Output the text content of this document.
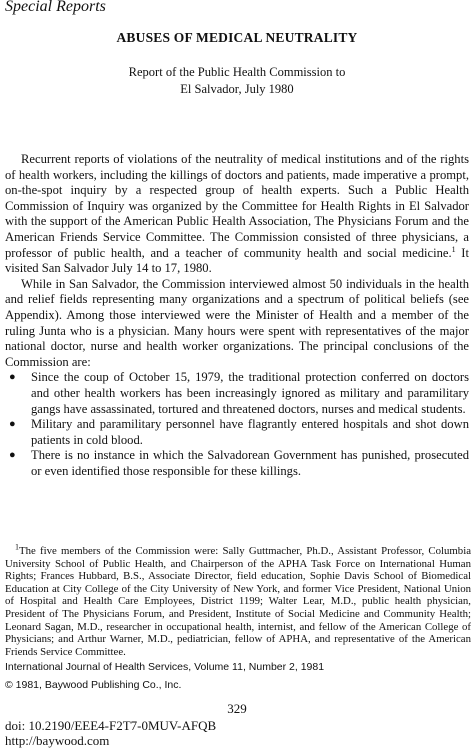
Special Reports
ABUSES OF MEDICAL NEUTRALITY
Report of the Public Health Commission to
El Salvador, July 1980

Recurrent reports of violations of the neutrality of medical institutions and of the rights of health workers, including the killings of doctors and patients, made imperative a prompt, on-the-spot inquiry by a respected group of health experts. Such a Public Health Commission of Inquiry was organized by the Committee for Health Rights in El Salvador with the support of the American Public Health Association, The Physicians Forum and the American Friends Service Committee. The Commission consisted of three physicians, a professor of public health, and a teacher of community health and social medicine.$^1$ It visited San Salvador July 14 to 17, 1980.

While in San Salvador, the Commission interviewed almost 50 individuals in the health and relief fields representing many organizations and a spectrum of political beliefs (see Appendix). Among those interviewed were the Minister of Health and a member of the ruling Junta who is a physician. Many hours were spent with representatives of the major national doctor, nurse and health worker organizations. The principal conclusions of the Commission are:

● Since the coup of October 15, 1979, the traditional protection conferred on doctors and other health workers has been increasingly ignored as military and paramilitary gangs have assassinated, tortured and threatened doctors, nurses and medical students.
● Military and paramilitary personnel have flagrantly entered hospitals and shot down patients in cold blood.
● There is no instance in which the Salvadorean Government has punished, prosecuted or even identified those responsible for these killings.

$^1$The five members of the Commission were: Sally Guttmacher, Ph.D., Assistant Professor, Columbia University School of Public Health, and Chairperson of the APHA Task Force on International Human Rights; Frances Hubbard, B.S., Associate Director, field education, Sophie Davis School of Biomedical Education at City College of the City University of New York, and former Vice President, National Union of Hospital and Health Care Employees, District 1199; Walter Lear, M.D., public health physician, President of The Physicians Forum, and President, Institute of Social Medicine and Community Health; Leonard Sagan, M.D., researcher in occupational health, internist, and fellow of the American College of Physicians; and Arthur Warner, M.D., pediatrician, fellow of APHA, and representative of the American Friends Service Committee.

International Journal of Health Services, Volume 11, Number 2, 1981
© 1981, Baywood Publishing Co., Inc.
329
doi: 10.2190/EEE4-F2T7-0MUV-AFQB
http://baywood.com
